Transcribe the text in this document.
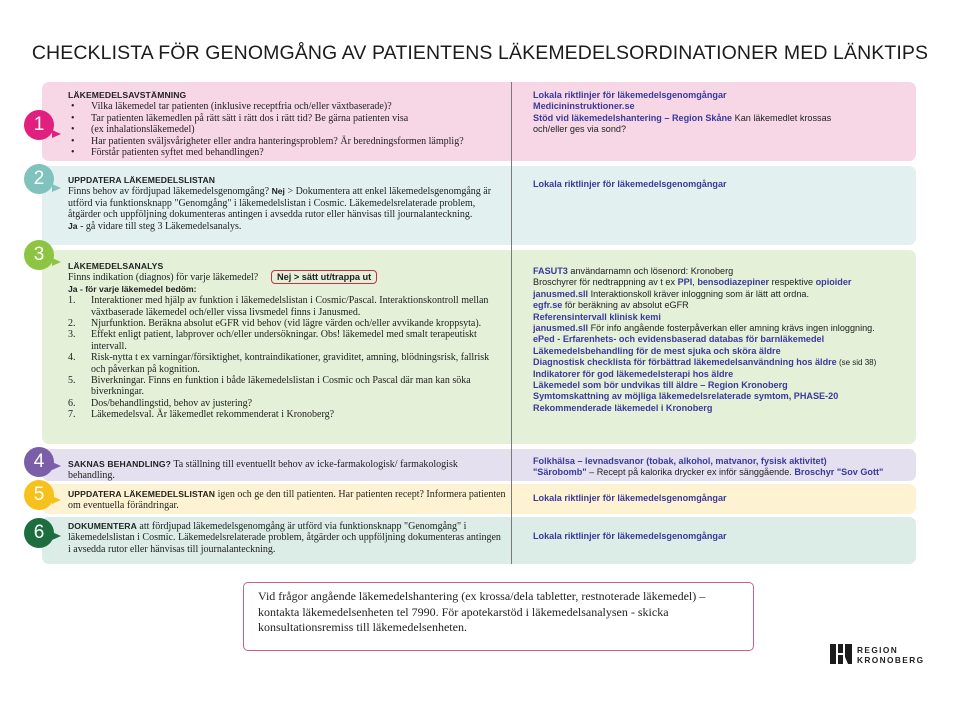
CHECKLISTA FÖR GENOMGÅNG AV PATIENTENS LÄKEMEDELSORDINATIONER MED LÄNKTIPS
1
2
3
4
5
6
LÄKEMEDELSAVSTÄMNING
• Vilka läkemedel tar patienten (inklusive receptfria och/eller växtbaserade)?
• Tar patienten läkemedlen på rätt sätt i rätt dos i rätt tid? Be gärna patienten visa
• (ex inhalationsläkemedel)
• Har patienten sväljsvårigheter eller andra hanteringsproblem? Är beredningsformen lämplig?
• Förstår patienten syftet med behandlingen?
Lokala riktlinjer för läkemedelsgenomgångar
Medicininstruktioner.se
Stöd vid läkemedelshantering – Region Skåne Kan läkemedlet krossas och/eller ges via sond?
UPPDATERA LÄKEMEDELSLISTAN
Finns behov av fördjupad läkemedelsgenomgång? Nej > Dokumentera att enkel läkemedelsgenomgång är utförd via funktionsknapp "Genomgång" i läkemedelslistan i Cosmic. Läkemedelsrelaterade problem, åtgärder och uppföljning dokumenteras antingen i avsedda rutor eller hänvisas till journalanteckning.
Ja - gå vidare till steg 3 Läkemedelsanalys.
Lokala riktlinjer för läkemedelsgenomgångar
LÄKEMEDELSANALYS
Finns indikation (diagnos) för varje läkemedel?
Ja - för varje läkemedel bedöm:
1. Interaktioner med hjälp av funktion i läkemedelslistan i Cosmic/Pascal. Interaktionskontroll mellan växtbaserade läkemedel och/eller vissa livsmedel finns i Janusmed.
2. Njurfunktion. Beräkna absolut eGFR vid behov (vid lägre värden och/eller avvikande kroppsyta).
3. Effekt enligt patient, labprover och/eller undersökningar. Obs! läkemedel med smalt terapeutiskt intervall.
4. Risk-nytta t ex varningar/försiktighet, kontraindikationer, graviditet, amning, blödningsrisk, fallrisk och påverkan på kognition.
5. Biverkningar. Finns en funktion i både läkemedelslistan i Cosmic och Pascal där man kan söka biverkningar.
6. Dos/behandlingstid, behov av justering?
7. Läkemedelsval. Är läkemedlet rekommenderat i Kronoberg?
Nej > sätt ut/trappa ut
FASUT3 användarnamn och lösenord: Kronoberg
Broschyrer för nedtrappning av t ex PPI, bensodiazepiner respektive opioider
janusmed.sll Interaktionskoll kräver inloggning som är lätt att ordna.
egfr.se för beräkning av absolut eGFR
Referensintervall klinisk kemi
janusmed.sll För info angående fosterpåverkan eller amning krävs ingen inloggning.
ePed - Erfarenhets- och evidensbaserad databas för barnläkemedel
Läkemedelsbehandling för de mest sjuka och sköra äldre
Diagnostisk checklista för förbättrad läkemedelsanvändning hos äldre (se sid 38)
Indikatorer för god läkemedelsterapi hos äldre
Läkemedel som bör undvikas till äldre – Region Kronoberg
Symtomskattning av möjliga läkemedelsrelaterade symtom, PHASE-20
Rekommenderade läkemedel i Kronoberg
SAKNAS BEHANDLING? Ta ställning till eventuellt behov av icke-farmakologisk/ farmakologisk behandling.
Folkhälsa – levnadsvanor (tobak, alkohol, matvanor, fysisk aktivitet)
"Särobomb" – Recept på kalorika drycker ex inför sänggående. Broschyr "Sov Gott"
UPPDATERA LÄKEMEDELSLISTAN igen och ge den till patienten. Har patienten recept? Informera patienten om eventuella förändringar.
Lokala riktlinjer för läkemedelsgenomgångar
DOKUMENTERA att fördjupad läkemedelsgenomgång är utförd via funktionsknapp "Genomgång" i läkemedelslistan i Cosmic. Läkemedelsrelaterade problem, åtgärder och uppföljning dokumenteras antingen i avsedda rutor eller hänvisas till journalanteckning.
Lokala riktlinjer för läkemedelsgenomgångar

Vid frågor angående läkemedelshantering (ex krossa/dela tabletter, restnoterade läkemedel) – kontakta läkemedelsenheten tel 7990. För apotekarstöd i läkemedelsanalysen - skicka konsultationsremiss till läkemedelsenheten.

REGION
KRONOBERG
